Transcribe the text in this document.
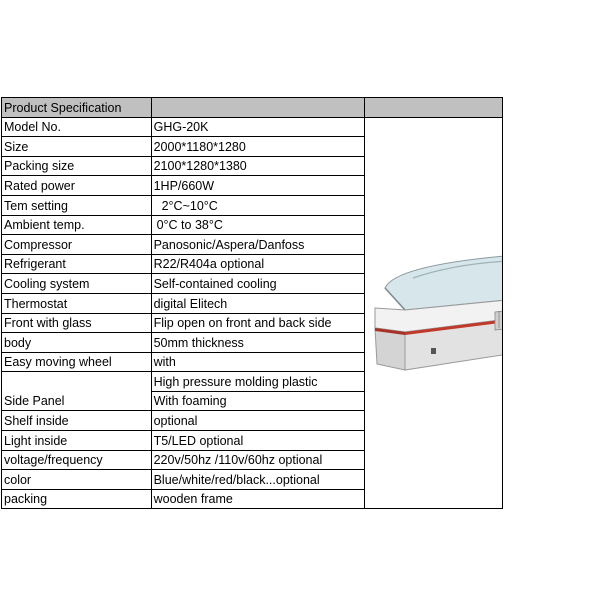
Product Specification		
Model No.	GHG-20K	

Size	2000*1180*1280	
Packing size	2100*1280*1380	
Rated power	1HP/660W	
Tem setting	2°C~10°C	
Ambient temp.	0°C to 38°C	
Compressor	Panosonic/Aspera/Danfoss	
Refrigerant	R22/R404a optional	
Cooling system	Self-contained cooling	
Thermostat	digital Elitech	
Front with glass	Flip open on front and back side	
body	50mm thickness	
Easy moving wheel	with	
Side Panel	High pressure molding plastic
With foaming	

Shelf inside	optional	
Light inside	T5/LED optional	
voltage/frequency	220v/50hz /110v/60hz optional	
color	Blue/white/red/black...optional	
packing	wooden frame	
